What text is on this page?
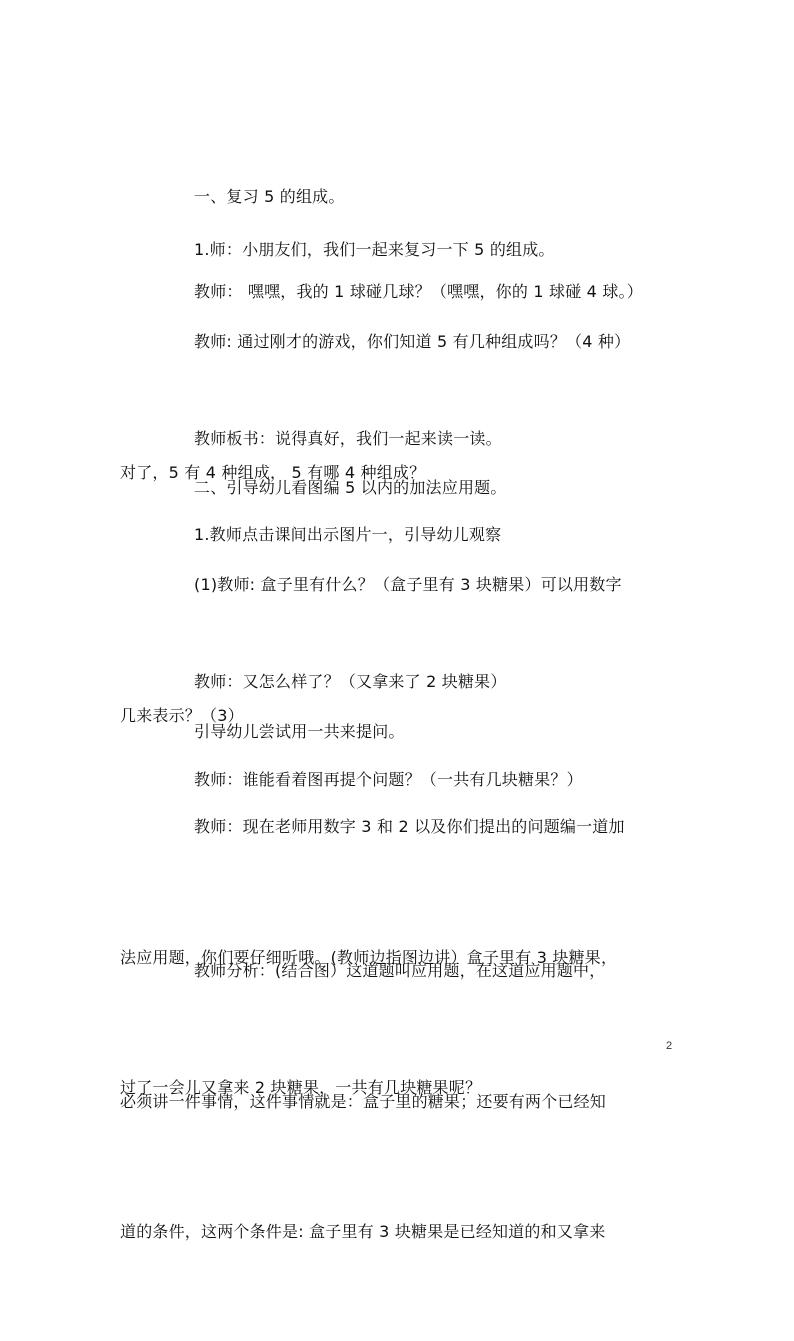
一、复习 5 的组成。

1.师：小朋友们，我们一起来复习一下 5 的组成。

教师： 嘿嘿，我的 1 球碰几球？（嘿嘿，你的 1 球碰 4 球。）

教师: 通过刚才的游戏，你们知道 5 有几种组成吗？（4 种）

对了，5 有 4 种组成， 5 有哪 4 种组成？

教师板书：说得真好，我们一起来读一读。

二、引导幼儿看图编 5 以内的加法应用题。

1.教师点击课间出示图片一，引导幼儿观察

(1)教师: 盒子里有什么？（盒子里有 3 块糖果）可以用数字

几来表示？（3）

教师：又怎么样了？（又拿来了 2 块糖果）

引导幼儿尝试用一共来提问。

教师：谁能看着图再提个问题？（一共有几块糖果？）

教师：现在老师用数字 3 和 2 以及你们提出的问题编一道加

法应用题，你们要仔细听哦。(教师边指图边讲）盒子里有 3 块糖果，

过了一会儿又拿来 2 块糖果，一共有几块糖果呢？

教师分析：(结合图）这道题叫应用题，在这道应用题中，

必须讲一件事情，这件事情就是：盒子里的糖果；还要有两个已经知

道的条件，这两个条件是: 盒子里有 3 块糖果是已经知道的和又拿来

2
